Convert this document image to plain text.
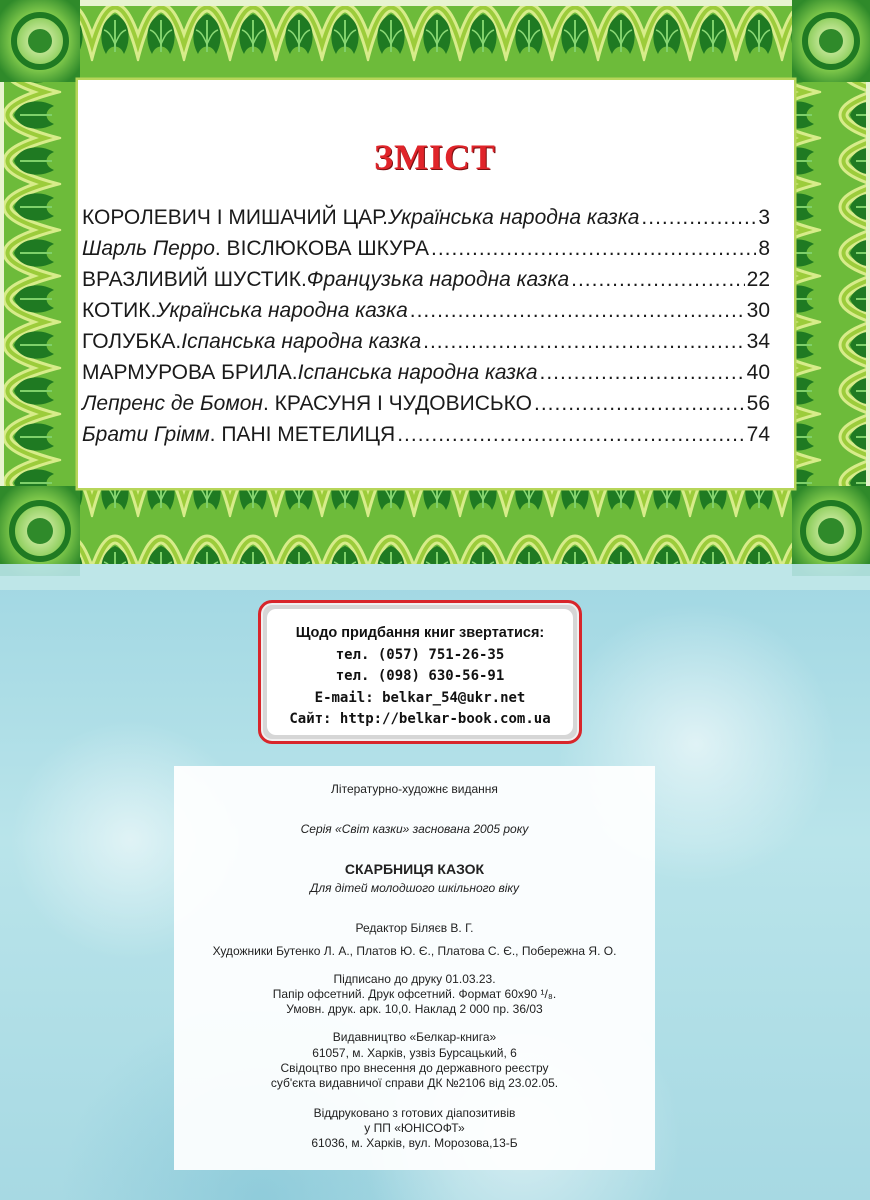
ЗМІСТ
КОРОЛЕВИЧ І МИШАЧИЙ ЦАР. Українська народна казка .....	3
Шарль Перро . ВІСЛЮКОВА ШКУРА .....	8
ВРАЗЛИВИЙ ШУСТИК. Французька народна казка .....	22
КОТИК. Українська народна казка .....	30
ГОЛУБКА. Іспанська народна казка .....	34
МАРМУРОВА БРИЛА. Іспанська народна казка .....	40
Лепренс де Бомон . КРАСУНЯ І ЧУДОВИСЬКО .....	56
Брати Грімм . ПАНІ МЕТЕЛИЦЯ .....	74
Щодо придбання книг звертатися:
тел. (057) 751-26-35
тел. (098) 630-56-91
E-mail: belkar_54@ukr.net
Сайт: http://belkar-book.com.ua
Літературно-художнє видання
Серія «Світ казки» заснована 2005 року
СКАРБНИЦЯ КАЗОК
Для дітей молодшого шкільного віку
Редактор Біляєв В. Г.
Художники Бутенко Л. А., Платов Ю. Є., Платова С. Є., Побережна Я. О.
Підписано до друку 01.03.23.
Папір офсетний. Друк офсетний. Формат 60х90 ¹/₈.
Умовн. друк. арк. 10,0. Наклад 2 000 пр. 36/03
Видавництво «Белкар-книга»
61057, м. Харків, узвіз Бурсацький, 6
Свідоцтво про внесення до державного реєстру
суб'єкта видавничої справи ДК №2106 від 23.02.05.
Віддруковано з готових діапозитивів
у ПП «ЮНІСОФТ»
61036, м. Харків, вул. Морозова,13-Б
